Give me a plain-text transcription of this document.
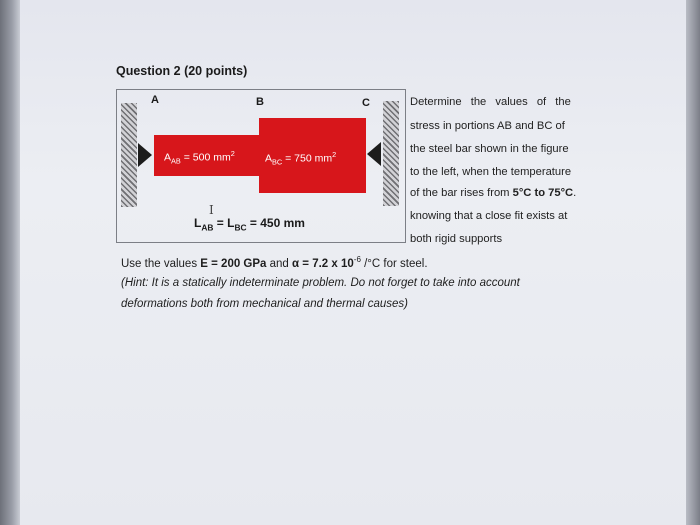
Question 2 (20 points)
A	B	C
$A_{AB} = 500$ $mm^2$	$A_{BC} = 750$ $mm^2$
I
$L_{AB} = L_{BC} = 450$ mm
Determine the values of the
stress in portions AB and BC of
the steel bar shown in the figure
to the left, when the temperature
of the bar rises from 5°C to 75°C.
knowing that a close fit exists at
both rigid supports
Use the values E = 200 GPa and α = 7.2 x $10^{-6}$ /°C for steel.
(Hint: It is a statically indeterminate problem. Do not forget to take into account
deformations both from mechanical and thermal causes)
